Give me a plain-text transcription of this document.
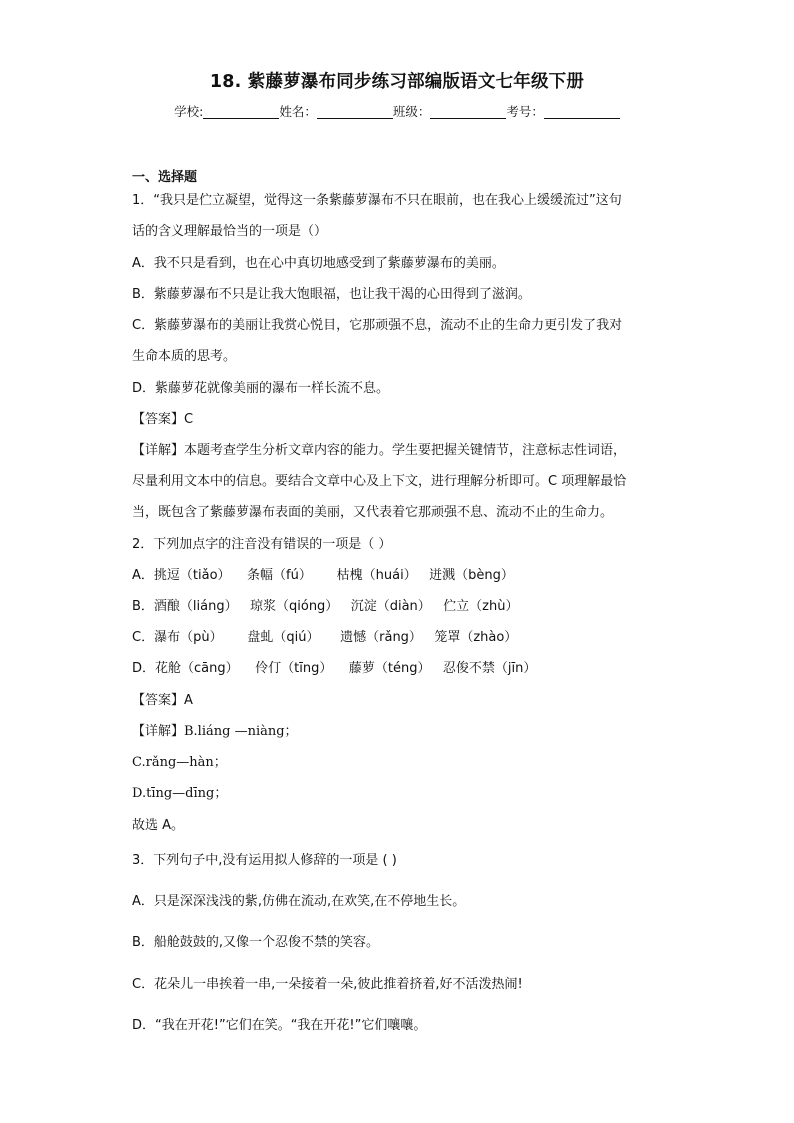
18. 紫藤萝瀑布同步练习部编版语文七年级下册
学校:	姓名：	班级：	考号：
一、选择题
1．“我只是伫立凝望，觉得这一条紫藤萝瀑布不只在眼前，也在我心上缓缓流过”这句
话的含义理解最恰当的一项是（）
A．我不只是看到，也在心中真切地感受到了紫藤萝瀑布的美丽。
B．紫藤萝瀑布不只是让我大饱眼福，也让我干渴的心田得到了滋润。
C．紫藤萝瀑布的美丽让我赏心悦目，它那顽强不息，流动不止的生命力更引发了我对
生命本质的思考。
D．紫藤萝花就像美丽的瀑布一样长流不息。
【答案】C
【详解】本题考查学生分析文章内容的能力。学生要把握关键情节，注意标志性词语，
尽量利用文本中的信息。要结合文章中心及上下文，进行理解分析即可。C 项理解最恰
当，既包含了紫藤萝瀑布表面的美丽，又代表着它那顽强不息、流动不止的生命力。
2．下列加点字的注音没有错误的一项是（ ）
A．挑逗（tiǎo）    条幅（fú）      枯槐（huái）   迸溅（bèng）
B．酒酿（liáng）   琼浆（qióng）   沉淀（diàn）   伫立（zhù）
C．瀑布（pù）      盘虬（qiú）     遗憾（rǎng）   笼罩（zhào）
D．花舱（cāng）    伶仃（tīng）    藤萝（téng）   忍俊不禁（jīn）
【答案】A
【详解】B.liáng —niàng；
C.rǎng—hàn；
D.tīng—dīng；
故选 A。
3．下列句子中,没有运用拟人修辞的一项是 ( )
A．只是深深浅浅的紫,仿佛在流动,在欢笑,在不停地生长。
B．船舱鼓鼓的,又像一个忍俊不禁的笑容。
C．花朵儿一串挨着一串,一朵接着一朵,彼此推着挤着,好不活泼热闹!
D．“我在开花!”它们在笑。“我在开花!”它们嚷嚷。
